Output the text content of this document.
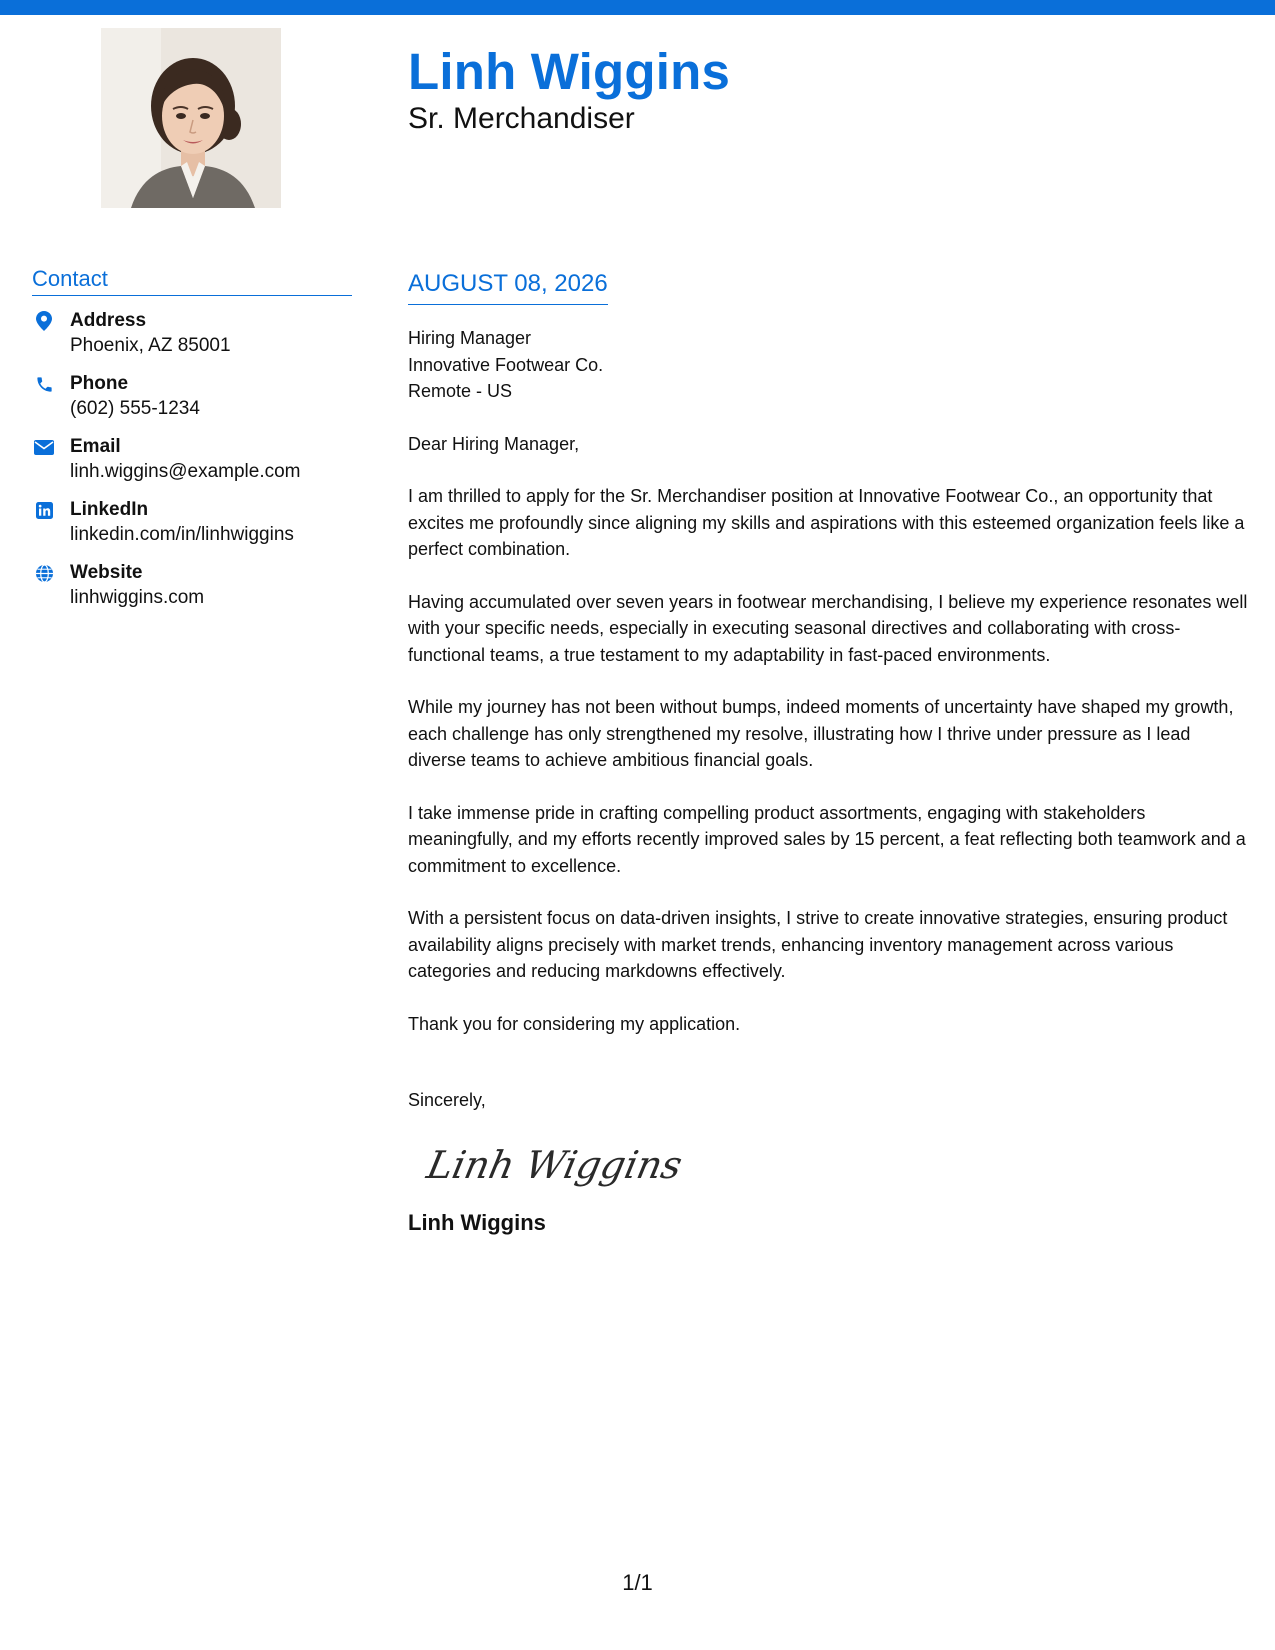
Linh Wiggins
Sr. Merchandiser
Contact
Address
Phoenix, AZ 85001
Phone
(602) 555-1234
Email
linh.wiggins@example.com
LinkedIn
linkedin.com/in/linhwiggins
Website
linhwiggins.com
AUGUST 08, 2026
Hiring Manager
Innovative Footwear Co.
Remote - US
Dear Hiring Manager,

I am thrilled to apply for the Sr. Merchandiser position at Innovative Footwear Co., an opportunity that excites me profoundly since aligning my skills and aspirations with this esteemed organization feels like a perfect combination.

Having accumulated over seven years in footwear merchandising, I believe my experience resonates well with your specific needs, especially in executing seasonal directives and collaborating with cross-functional teams, a true testament to my adaptability in fast-paced environments.

While my journey has not been without bumps, indeed moments of uncertainty have shaped my growth, each challenge has only strengthened my resolve, illustrating how I thrive under pressure as I lead diverse teams to achieve ambitious financial goals.

I take immense pride in crafting compelling product assortments, engaging with stakeholders meaningfully, and my efforts recently improved sales by 15 percent, a feat reflecting both teamwork and a commitment to excellence.

With a persistent focus on data-driven insights, I strive to create innovative strategies, ensuring product availability aligns precisely with market trends, enhancing inventory management across various categories and reducing markdowns effectively.

Thank you for considering my application.

Sincerely,
Linh Wiggins
Linh Wiggins
1/1
